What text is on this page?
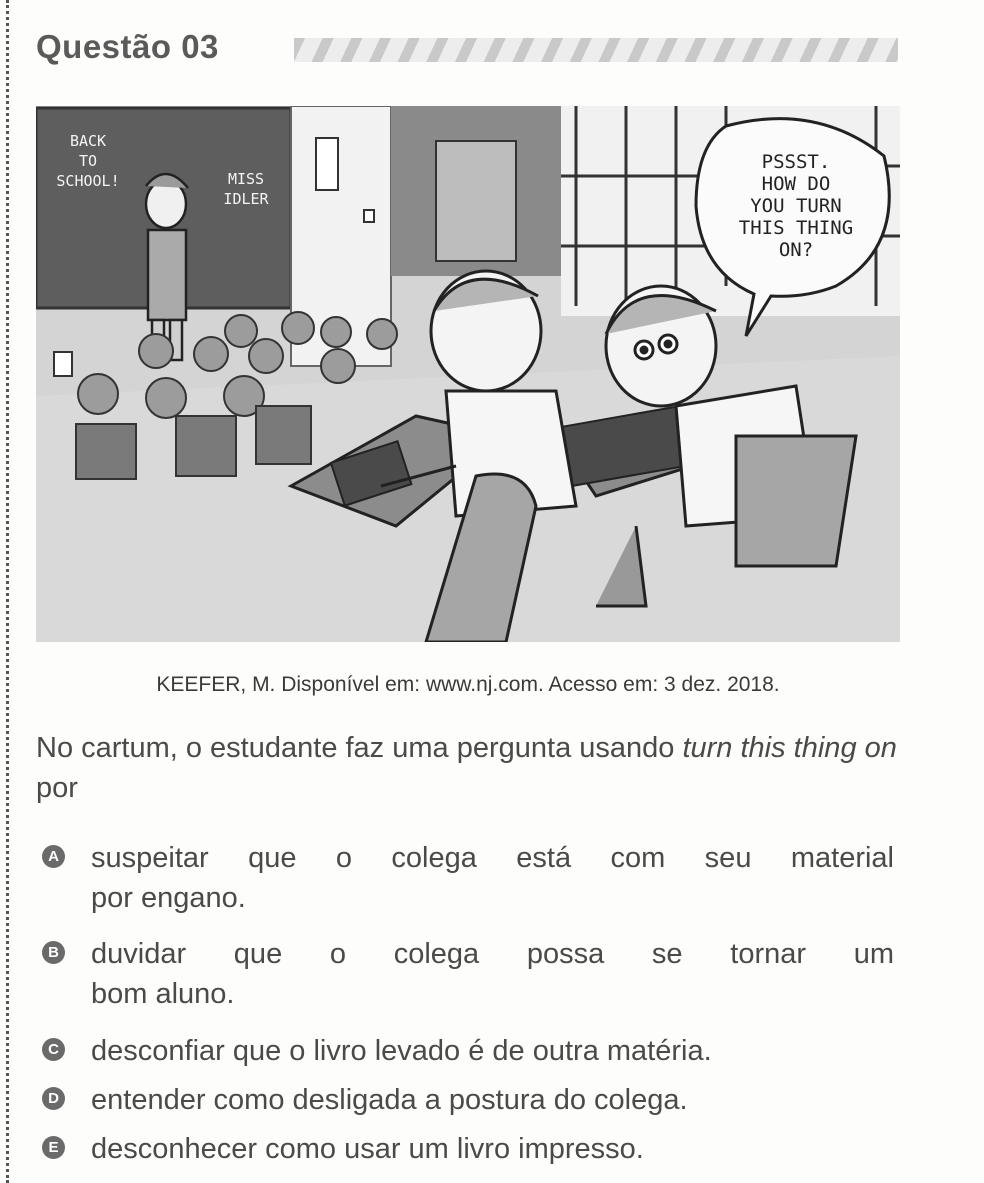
Questão 03
PSSST.
HOW DO
YOU TURN
THIS THING
ON?
BACK
TO
SCHOOL!	MISS
IDLER
KEEFER, M. Disponível em: www.nj.com. Acesso em: 3 dez. 2018.
No cartum, o estudante faz uma pergunta usando turn this thing on por
A suspeitar que o colega está com seu material
por engano.
B duvidar que o colega possa se tornar um
bom aluno.
C desconfiar que o livro levado é de outra matéria.
D entender como desligada a postura do colega.
E desconhecer como usar um livro impresso.
